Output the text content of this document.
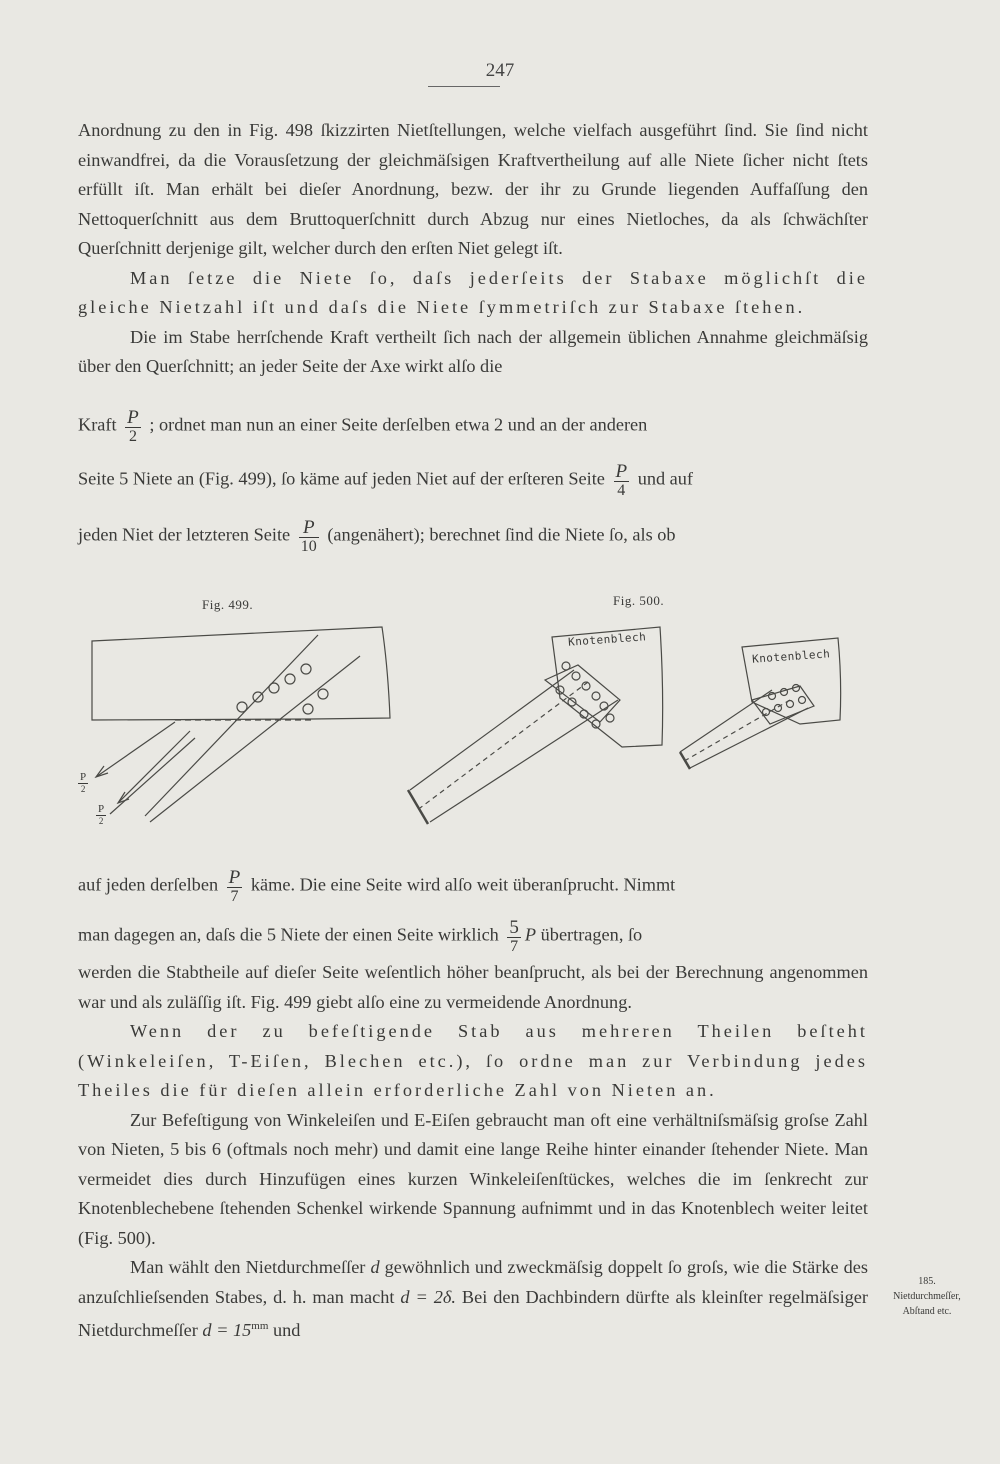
247

Anordnung zu den in Fig. 498 ſkizzirten Nietſtellungen, welche vielfach ausgeführt ſind. Sie ſind nicht einwandfrei, da die Vorausſetzung der gleichmäſsigen Kraftvertheilung auf alle Niete ſicher nicht ſtets erfüllt iſt. Man erhält bei dieſer Anordnung, bezw. der ihr zu Grunde liegenden Auffaſſung den Nettoquerſchnitt aus dem Bruttoquerſchnitt durch Abzug nur eines Nietloches, da als ſchwächſter Querſchnitt derjenige gilt, welcher durch den erſten Niet gelegt iſt.

Man ſetze die Niete ſo, daſs jederſeits der Stabaxe möglichſt die gleiche Nietzahl iſt und daſs die Niete ſymmetriſch zur Stabaxe ſtehen.

Die im Stabe herrſchende Kraft vertheilt ſich nach der allgemein üblichen Annahme gleichmäſsig über den Querſchnitt; an jeder Seite der Axe wirkt alſo die

Kraft $\frac{P}{2}$ ; ordnet man nun an einer Seite derſelben etwa 2 und an der anderen

Seite 5 Niete an (Fig. 499), ſo käme auf jeden Niet auf der erſteren Seite $\frac{P}{4}$ und auf

jeden Niet der letzteren Seite $\frac{P}{10}$ (angenähert); berechnet ſind die Niete ſo, als ob

Fig. 499.	Fig. 500.
Knotenblech
Knotenblech
P
2
P
2

auf jeden derſelben $\frac{P}{7}$ käme. Die eine Seite wird alſo weit überanſprucht. Nimmt

man dagegen an, daſs die 5 Niete der einen Seite wirklich $\frac{5}{7}$ P übertragen, ſo

werden die Stabtheile auf dieſer Seite weſentlich höher beanſprucht, als bei der Berechnung angenommen war und als zuläſſig iſt. Fig. 499 giebt alſo eine zu vermeidende Anordnung.

Wenn der zu befeſtigende Stab aus mehreren Theilen beſteht (Winkeleiſen, T-Eiſen, Blechen etc.), ſo ordne man zur Verbindung jedes Theiles die für dieſen allein erforderliche Zahl von Nieten an.

Zur Befeſtigung von Winkeleiſen und E-Eiſen gebraucht man oft eine verhältniſsmäſsig groſse Zahl von Nieten, 5 bis 6 (oftmals noch mehr) und damit eine lange Reihe hinter einander ſtehender Niete. Man vermeidet dies durch Hinzufügen eines kurzen Winkeleiſenſtückes, welches die im ſenkrecht zur Knotenblechebene ſtehenden Schenkel wirkende Spannung aufnimmt und in das Knotenblech weiter leitet (Fig. 500).

Man wählt den Nietdurchmeſſer d gewöhnlich und zweckmäſsig doppelt ſo groſs, wie die Stärke des anzuſchlieſsenden Stabes, d. h. man macht d = 2δ. Bei den Dachbindern dürfte als kleinſter regelmäſsiger Nietdurchmeſſer $d = 15^{mm}$ und

185.
Nietdurchmeſſer,
Abſtand etc.
